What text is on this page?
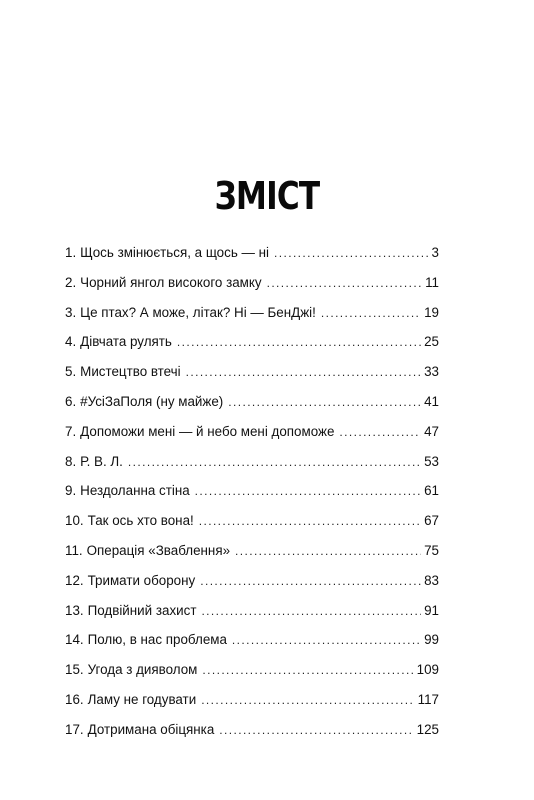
ЗМІСТ
1. Щось змінюється, а щось — ні .....	3
2. Чорний янгол високого замку .....	11
3. Це птах? А може, літак? Ні — БенДжі! .....	19
4. Дівчата рулять .....	25
5. Мистецтво втечі .....	33
6. #УсіЗаПоля (ну майже) .....	41
7. Допоможи мені — й небо мені допоможе .....	47
8. Р. В. Л. .....	53
9. Нездоланна стіна .....	61
10. Так ось хто вона! .....	67
11. Операція «Зваблення» .....	75
12. Тримати оборону .....	83
13. Подвійний захист .....	91
14. Полю, в нас проблема .....	99
15. Угода з дияволом .....	109
16. Ламу не годувати .....	117
17. Дотримана обіцянка .....	125
